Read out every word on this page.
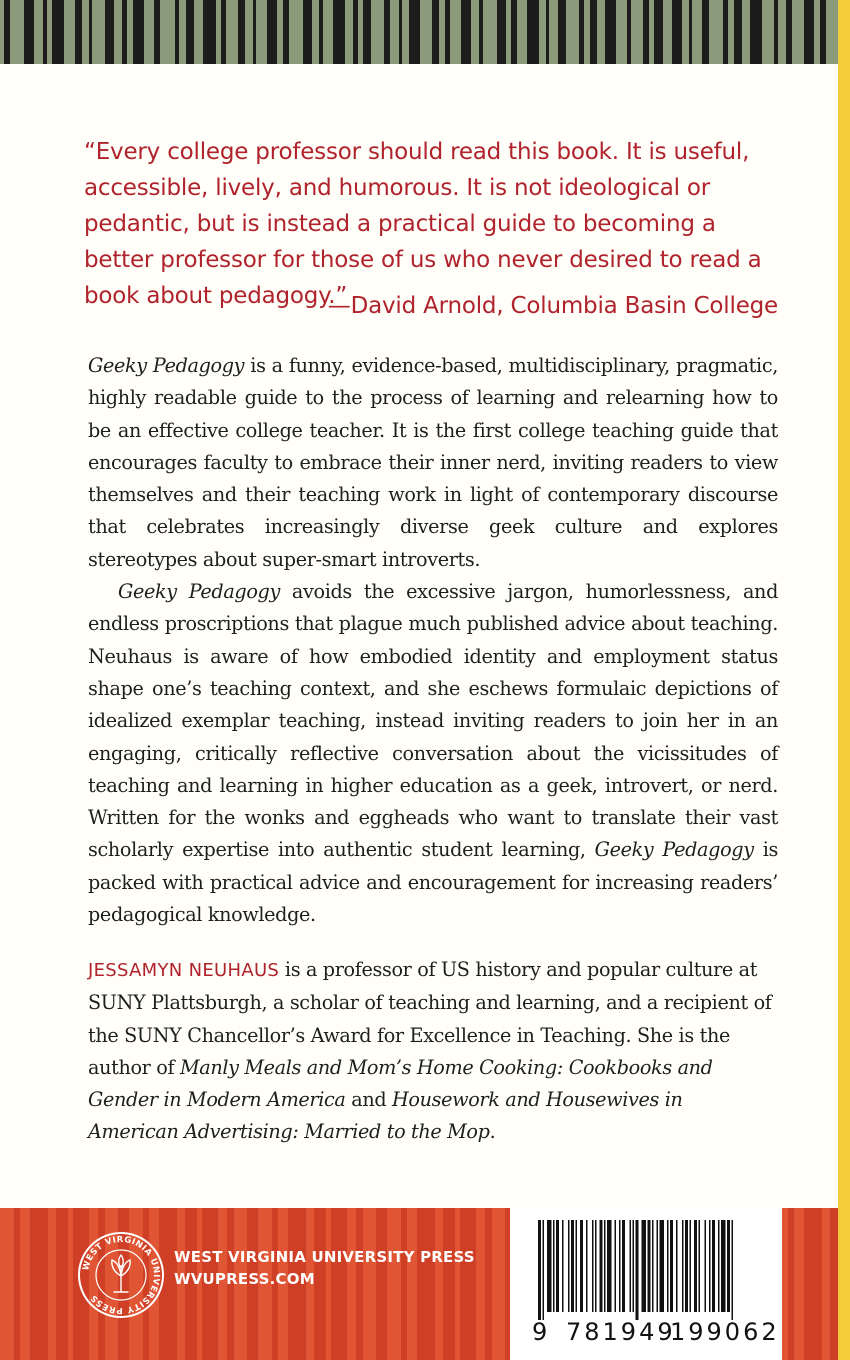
“Every college professor should read this book. It is useful, accessible, lively, and humorous. It is not ideological or pedantic, but is instead a practical guide to becoming a better professor for those of us who never desired to read a book about pedagogy.”

—David Arnold, Columbia Basin College

Geeky Pedagogy is a funny, evidence-based, multidisciplinary, pragmatic, highly readable guide to the process of learning and relearning how to be an effective college teacher. It is the first college teaching guide that encourages faculty to embrace their inner nerd, inviting readers to view themselves and their teaching work in light of contemporary discourse that celebrates increasingly diverse geek culture and explores stereotypes about super-smart introverts.

Geeky Pedagogy avoids the excessive jargon, humorlessness, and endless proscriptions that plague much published advice about teaching. Neuhaus is aware of how embodied identity and employment status shape one’s teaching context, and she eschews formulaic depictions of idealized exemplar teaching, instead inviting readers to join her in an engaging, critically reflective conversation about the vicissitudes of teaching and learning in higher education as a geek, introvert, or nerd. Written for the wonks and eggheads who want to translate their vast scholarly expertise into authentic student learning, Geeky Pedagogy is packed with practical advice and encouragement for increasing readers’ pedagogical knowledge.

JESSAMYN NEUHAUS is a professor of US history and popular culture at SUNY Plattsburgh, a scholar of teaching and learning, and a recipient of the SUNY Chancellor’s Award for Excellence in Teaching. She is the author of Manly Meals and Mom’s Home Cooking: Cookbooks and Gender in Modern America and Housework and Housewives in American Advertising: Married to the Mop.

WEST VIRGINIA UNIVERSITY PRESS
WEST VIRGINIA UNIVERSITY PRESS
WVUPRESS.COM
9 781949
199062
